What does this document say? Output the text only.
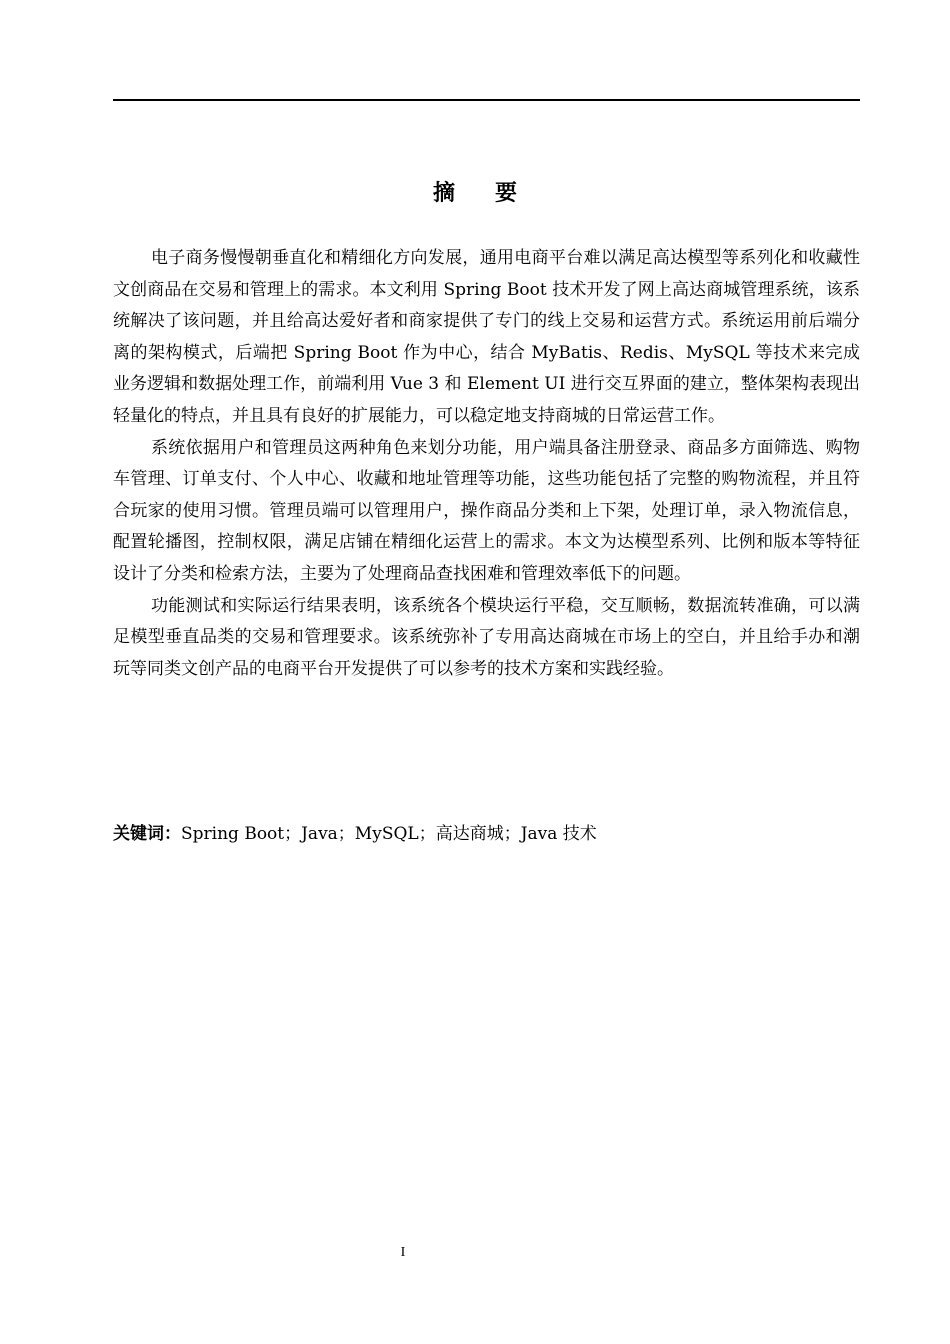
摘要

电子商务慢慢朝垂直化和精细化方向发展，通用电商平台难以满足高达模型等系列化和收藏性文创商品在交易和管理上的需求。本文利用 Spring Boot 技术开发了网上高达商城管理系统，该系统解决了该问题，并且给高达爱好者和商家提供了专门的线上交易和运营方式。系统运用前后端分离的架构模式，后端把 Spring Boot 作为中心，结合 MyBatis、Redis、MySQL 等技术来完成业务逻辑和数据处理工作，前端利用 Vue 3 和 Element UI 进行交互界面的建立，整体架构表现出轻量化的特点，并且具有良好的扩展能力，可以稳定地支持商城的日常运营工作。

系统依据用户和管理员这两种角色来划分功能，用户端具备注册登录、商品多方面筛选、购物车管理、订单支付、个人中心、收藏和地址管理等功能，这些功能包括了完整的购物流程，并且符合玩家的使用习惯。管理员端可以管理用户，操作商品分类和上下架，处理订单，录入物流信息，配置轮播图，控制权限，满足店铺在精细化运营上的需求。本文为达模型系列、比例和版本等特征设计了分类和检索方法，主要为了处理商品查找困难和管理效率低下的问题。

功能测试和实际运行结果表明，该系统各个模块运行平稳，交互顺畅，数据流转准确，可以满足模型垂直品类的交易和管理要求。该系统弥补了专用高达商城在市场上的空白，并且给手办和潮玩等同类文创产品的电商平台开发提供了可以参考的技术方案和实践经验。

关键词：Spring Boot；Java；MySQL；高达商城；Java 技术
I
